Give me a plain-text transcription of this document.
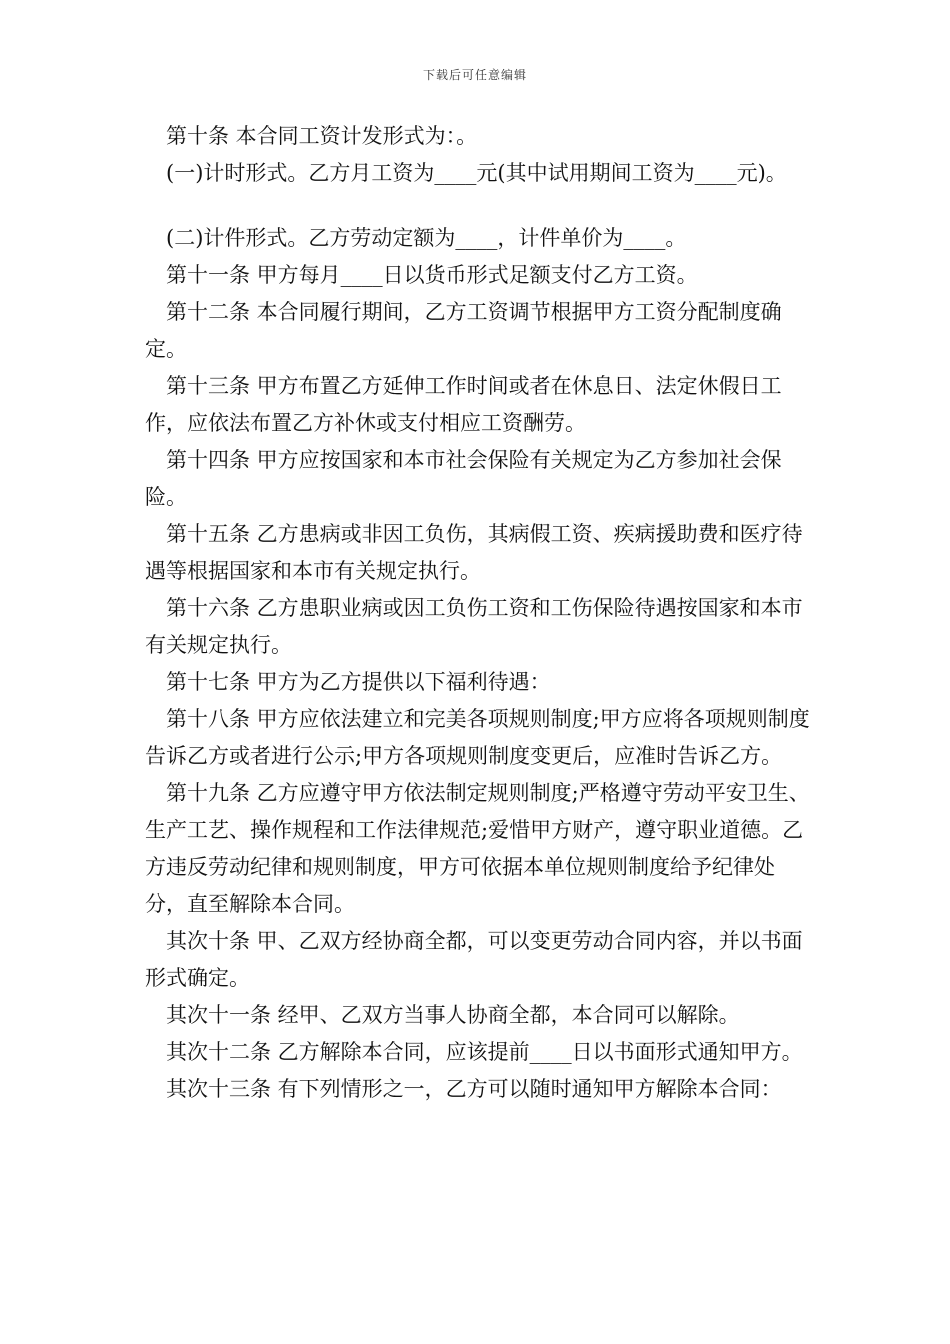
下载后可任意编辑

第十条 本合同工资计发形式为：。

(一)计时形式。乙方月工资为____元(其中试用期间工资为____元)。

(二)计件形式。乙方劳动定额为____，计件单价为____。

第十一条 甲方每月____日以货币形式足额支付乙方工资。

第十二条 本合同履行期间，乙方工资调节根据甲方工资分配制度确定。

第十三条 甲方布置乙方延伸工作时间或者在休息日、法定休假日工作，应依法布置乙方补休或支付相应工资酬劳。

第十四条 甲方应按国家和本市社会保险有关规定为乙方参加社会保险。

第十五条 乙方患病或非因工负伤，其病假工资、疾病援助费和医疗待遇等根据国家和本市有关规定执行。

第十六条 乙方患职业病或因工负伤工资和工伤保险待遇按国家和本市有关规定执行。

第十七条 甲方为乙方提供以下福利待遇：

第十八条 甲方应依法建立和完美各项规则制度;甲方应将各项规则制度告诉乙方或者进行公示;甲方各项规则制度变更后，应准时告诉乙方。

第十九条 乙方应遵守甲方依法制定规则制度;严格遵守劳动平安卫生、生产工艺、操作规程和工作法律规范;爱惜甲方财产，遵守职业道德。乙方违反劳动纪律和规则制度，甲方可依据本单位规则制度给予纪律处分，直至解除本合同。

其次十条 甲、乙双方经协商全都，可以变更劳动合同内容，并以书面形式确定。

其次十一条 经甲、乙双方当事人协商全都，本合同可以解除。

其次十二条 乙方解除本合同，应该提前____日以书面形式通知甲方。

其次十三条 有下列情形之一，乙方可以随时通知甲方解除本合同：
